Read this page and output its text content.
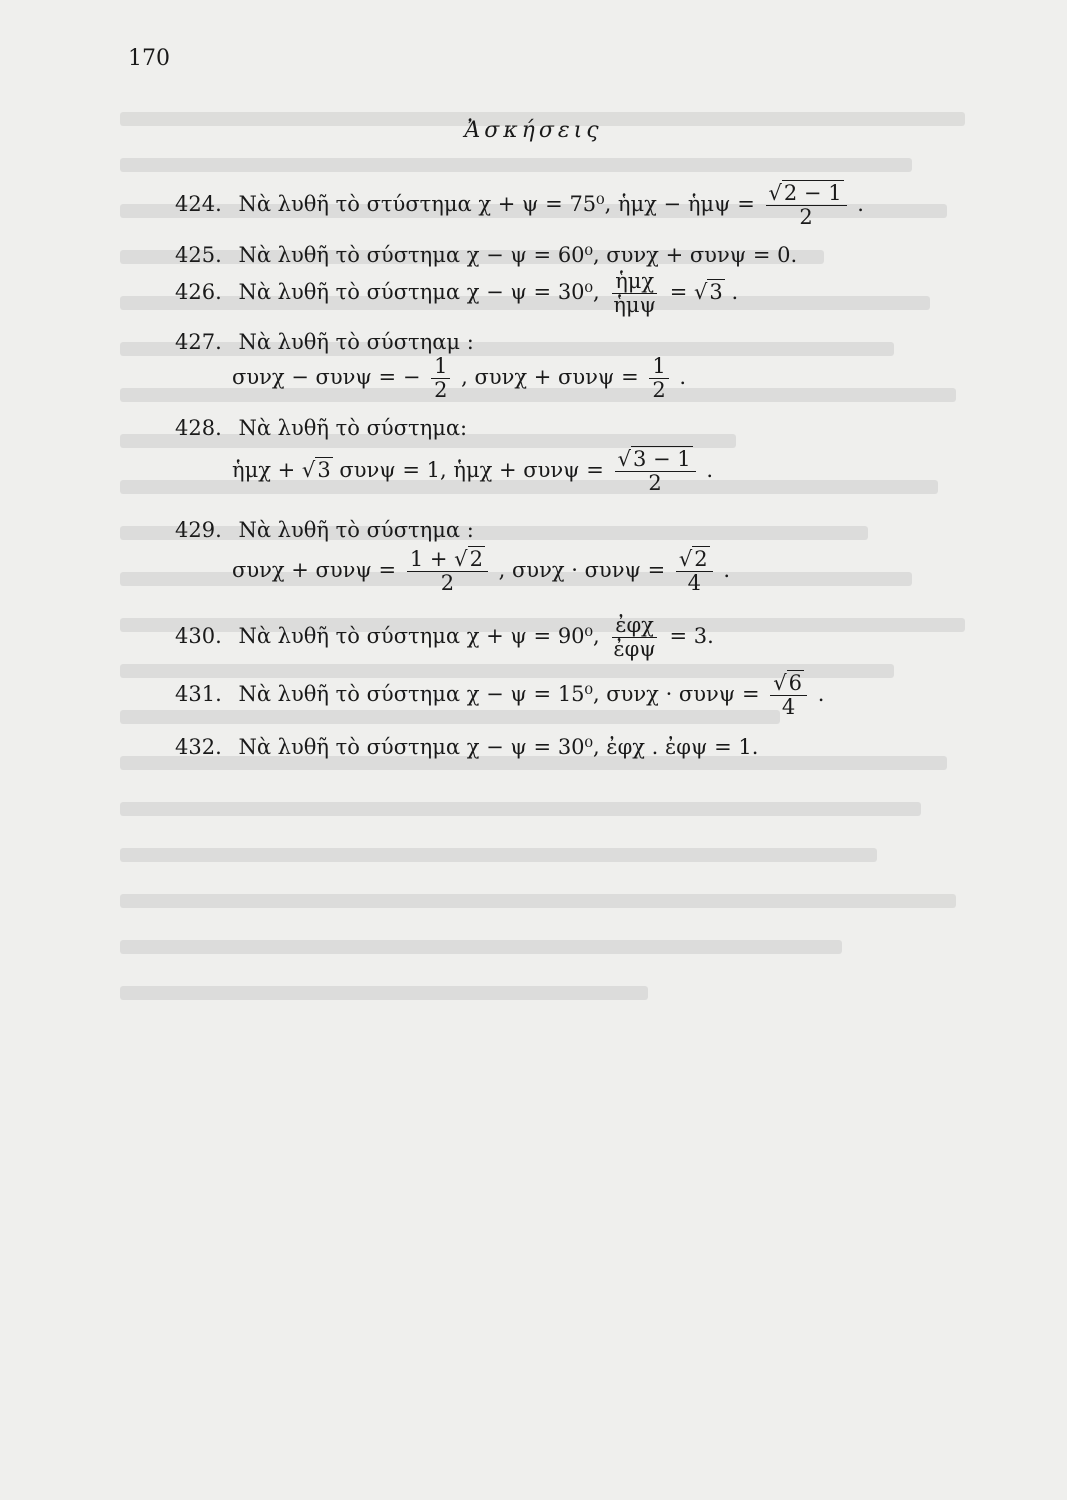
170
Ἀσκήσεις
424. Νὰ λυθῆ τὸ στύστημα χ + ψ = 75⁰, ἡμχ − ἡμψ = $\frac{√2 - 1}{2}$ .
425. Νὰ λυθῆ τὸ σύστημα χ − ψ = 60⁰, συνχ + συνψ = 0.
426. Νὰ λυθῆ τὸ σύστημα χ − ψ = 30⁰, $\frac{\text{ἡμχ}}{\text{ἡμψ}} = √3$ .
427. Νὰ λυθῆ τὸ σύστηαμ :
συνχ − συνψ = − $\frac{1}{2}$ , $\sigma\upsilon\nu\chi + \sigma\upsilon\nu\psi = \frac{1}{2}$ .
428. Νὰ λυθῆ τὸ σύστημα:
ἡμχ + √3 συνψ = 1, ἡμχ + $\sigma\upsilon\nu\psi = \frac{√3 - 1}{2}$ .
429. Νὰ λυθῆ τὸ σύστημα :
$\sigma\upsilon\nu\chi + \sigma\upsilon\nu\psi = \frac{1 + √2}{2}$ , $\sigma\upsilon\nu\chi \cdot \sigma\upsilon\nu\psi = \frac{√2}{4}$ .
430. Νὰ λυθῆ τὸ σύστημα χ + ψ = 90⁰, $\frac{\text{ἐφχ}}{\text{ἐφψ}} = 3$.
431. Νὰ λυθῆ τὸ σύστημα χ − ψ = 15⁰, $\sigma\upsilon\nu\chi \cdot \sigma\upsilon\nu\psi = \frac{√6}{4}$ .
432. Νὰ λυθῆ τὸ σύστημα χ − ψ = 30⁰, ἐφχ . ἐφψ = 1.
